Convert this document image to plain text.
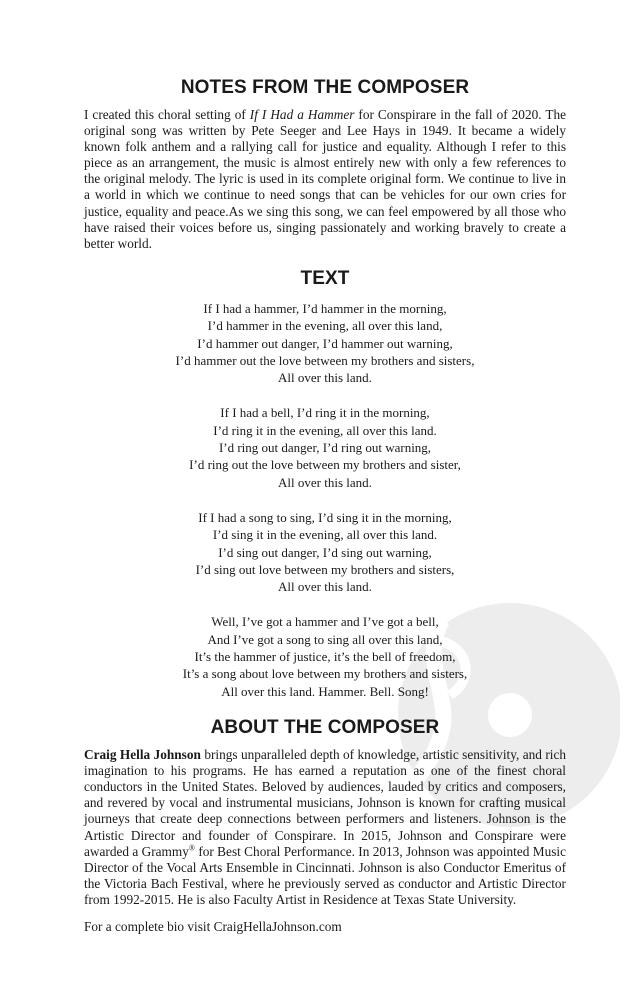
NOTES FROM THE COMPOSER

I created this choral setting of If I Had a Hammer for Conspirare in the fall of 2020. The original song was written by Pete Seeger and Lee Hays in 1949. It became a widely known folk anthem and a rallying call for justice and equality. Although I refer to this piece as an arrangement, the music is almost entirely new with only a few references to the original melody. The lyric is used in its complete original form. We continue to live in a world in which we continue to need songs that can be vehicles for our own cries for justice, equality and peace.As we sing this song, we can feel empowered by all those who have raised their voices before us, singing passionately and working bravely to create a better world.

TEXT
If I had a hammer, I’d hammer in the morning,
I’d hammer in the evening, all over this land,
I’d hammer out danger, I’d hammer out warning,
I’d hammer out the love between my brothers and sisters,
All over this land.
If I had a bell, I’d ring it in the morning,
I’d ring it in the evening, all over this land.
I’d ring out danger, I’d ring out warning,
I’d ring out the love between my brothers and sister,
All over this land.
If I had a song to sing, I’d sing it in the morning,
I’d sing it in the evening, all over this land.
I’d sing out danger, I’d sing out warning,
I’d sing out love between my brothers and sisters,
All over this land.
Well, I’ve got a hammer and I’ve got a bell,
And I’ve got a song to sing all over this land,
It’s the hammer of justice, it’s the bell of freedom,
It’s a song about love between my brothers and sisters,
All over this land. Hammer. Bell. Song!
ABOUT THE COMPOSER

Craig Hella Johnson brings unparalleled depth of knowledge, artistic sensitivity, and rich imagination to his programs. He has earned a reputation as one of the finest choral conductors in the United States. Beloved by audiences, lauded by critics and composers, and revered by vocal and instrumental musicians, Johnson is known for crafting musical journeys that create deep connections between performers and listeners. Johnson is the Artistic Director and founder of Conspirare. In 2015, Johnson and Conspirare were awarded a Grammy® for Best Choral Performance. In 2013, Johnson was appointed Music Director of the Vocal Arts Ensemble in Cincinnati. Johnson is also Conductor Emeritus of the Victoria Bach Festival, where he previously served as conductor and Artistic Director from 1992-2015. He is also Faculty Artist in Residence at Texas State University.

For a complete bio visit CraigHellaJohnson.com
